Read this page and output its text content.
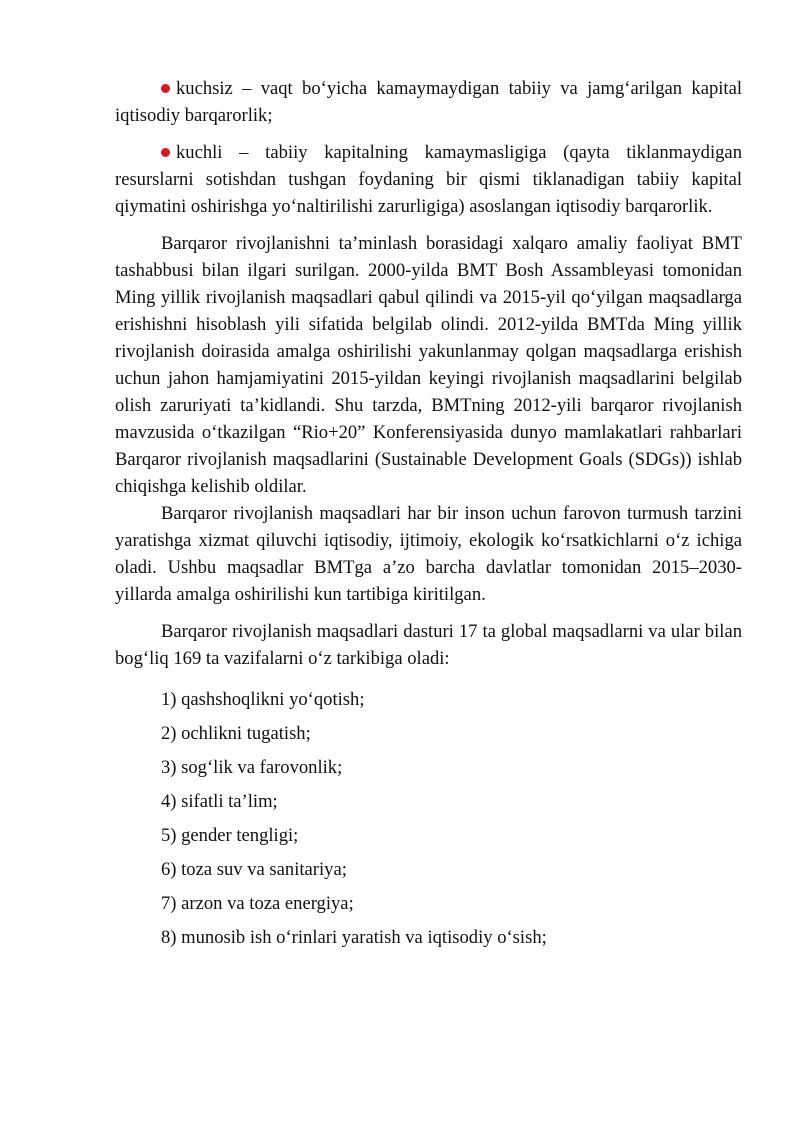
kuchsiz – vaqt bo‘yicha kamaymaydigan tabiiy va jamg‘arilgan kapital iqtisodiy barqarorlik;

kuchli – tabiiy kapitalning kamaymasligiga (qayta tiklanmaydigan resurslarni sotishdan tushgan foydaning bir qismi tiklanadigan tabiiy kapital qiymatini oshirishga yo‘naltirilishi zarurligiga) asoslangan iqtisodiy barqarorlik.

Barqaror rivojlanishni ta’minlash borasidagi xalqaro amaliy faoliyat BMT tashabbusi bilan ilgari surilgan. 2000-yilda BMT Bosh Assambleyasi tomonidan Ming yillik rivojlanish maqsadlari qabul qilindi va 2015-yil qo‘yilgan maqsadlarga erishishni hisoblash yili sifatida belgilab olindi. 2012-yilda BMTda Ming yillik rivojlanish doirasida amalga oshirilishi yakunlanmay qolgan maqsadlarga erishish uchun jahon hamjamiyatini 2015-yildan keyingi rivojlanish maqsadlarini belgilab olish zaruriyati ta’kidlandi. Shu tarzda, BMTning 2012-yili barqaror rivojlanish mavzusida o‘tkazilgan “Rio+20” Konferensiyasida dunyo mamlakatlari rahbarlari Barqaror rivojlanish maqsadlarini (Sustainable Development Goals (SDGs)) ishlab chiqishga kelishib oldilar.

Barqaror rivojlanish maqsadlari har bir inson uchun farovon turmush tarzini yaratishga xizmat qiluvchi iqtisodiy, ijtimoiy, ekologik ko‘rsatkichlarni o‘z ichiga oladi. Ushbu maqsadlar BMTga a’zo barcha davlatlar tomonidan 2015–2030-yillarda amalga oshirilishi kun tartibiga kiritilgan.

Barqaror rivojlanish maqsadlari dasturi 17 ta global maqsadlarni va ular bilan bog‘liq 169 ta vazifalarni o‘z tarkibiga oladi:

1) qashshoqlikni yo‘qotish;

2) ochlikni tugatish;

3) sog‘lik va farovonlik;

4) sifatli ta’lim;

5) gender tengligi;

6) toza suv va sanitariya;

7) arzon va toza energiya;

8) munosib ish o‘rinlari yaratish va iqtisodiy o‘sish;
